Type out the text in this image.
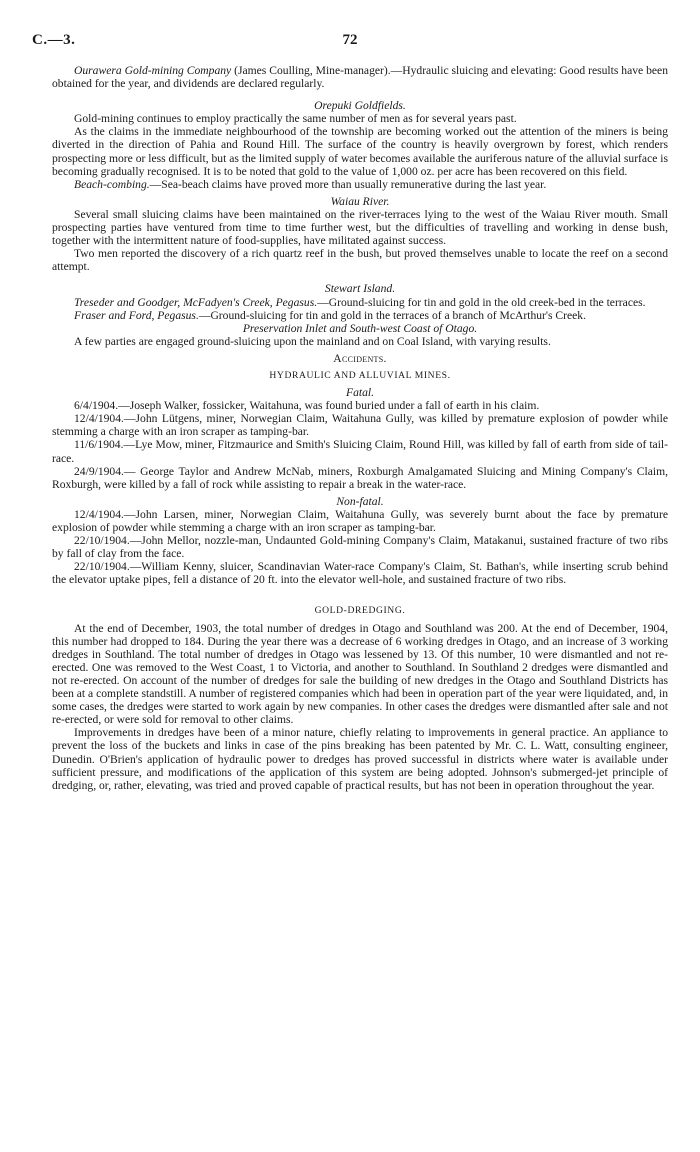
C.—3.	72

Ourawera Gold-mining Company (James Coulling, Mine-manager).—Hydraulic sluicing and elevating: Good results have been obtained for the year, and dividends are declared regularly.

Orepuki Goldfields.

Gold-mining continues to employ practically the same number of men as for several years past.

As the claims in the immediate neighbourhood of the township are becoming worked out the attention of the miners is being diverted in the direction of Pahia and Round Hill. The surface of the country is heavily overgrown by forest, which renders prospecting more or less difficult, but as the limited supply of water becomes available the auriferous nature of the alluvial surface is becoming gradually recognised. It is to be noted that gold to the value of 1,000 oz. per acre has been recovered on this field.

Beach-combing.—Sea-beach claims have proved more than usually remunerative during the last year.

Waiau River.

Several small sluicing claims have been maintained on the river-terraces lying to the west of the Waiau River mouth. Small prospecting parties have ventured from time to time further west, but the difficulties of travelling and working in dense bush, together with the intermittent nature of food-supplies, have militated against success.

Two men reported the discovery of a rich quartz reef in the bush, but proved themselves unable to locate the reef on a second attempt.

Stewart Island.

Treseder and Goodger, McFadyen's Creek, Pegasus.—Ground-sluicing for tin and gold in the old creek-bed in the terraces.

Fraser and Ford, Pegasus.—Ground-sluicing for tin and gold in the terraces of a branch of McArthur's Creek.

Preservation Inlet and South-west Coast of Otago.

A few parties are engaged ground-sluicing upon the mainland and on Coal Island, with varying results.

Accidents.
HYDRAULIC AND ALLUVIAL MINES.
Fatal.

6/4/1904.—Joseph Walker, fossicker, Waitahuna, was found buried under a fall of earth in his claim.

12/4/1904.—John Lütgens, miner, Norwegian Claim, Waitahuna Gully, was killed by premature explosion of powder while stemming a charge with an iron scraper as tamping-bar.

11/6/1904.—Lye Mow, miner, Fitzmaurice and Smith's Sluicing Claim, Round Hill, was killed by fall of earth from side of tail-race.

24/9/1904.— George Taylor and Andrew McNab, miners, Roxburgh Amalgamated Sluicing and Mining Company's Claim, Roxburgh, were killed by a fall of rock while assisting to repair a break in the water-race.

Non-fatal.

12/4/1904.—John Larsen, miner, Norwegian Claim, Waitahuna Gully, was severely burnt about the face by premature explosion of powder while stemming a charge with an iron scraper as tamping-bar.

22/10/1904.—John Mellor, nozzle-man, Undaunted Gold-mining Company's Claim, Matakanui, sustained fracture of two ribs by fall of clay from the face.

22/10/1904.—William Kenny, sluicer, Scandinavian Water-race Company's Claim, St. Bathan's, while inserting scrub behind the elevator uptake pipes, fell a distance of 20 ft. into the elevator well-hole, and sustained fracture of two ribs.

GOLD-DREDGING.

At the end of December, 1903, the total number of dredges in Otago and Southland was 200. At the end of December, 1904, this number had dropped to 184. During the year there was a decrease of 6 working dredges in Otago, and an increase of 3 working dredges in Southland. The total number of dredges in Otago was lessened by 13. Of this number, 10 were dismantled and not re-erected. One was removed to the West Coast, 1 to Victoria, and another to Southland. In Southland 2 dredges were dismantled and not re-erected. On account of the number of dredges for sale the building of new dredges in the Otago and Southland Districts has been at a complete standstill. A number of registered companies which had been in operation part of the year were liquidated, and, in some cases, the dredges were started to work again by new companies. In other cases the dredges were dismantled after sale and not re-erected, or were sold for removal to other claims.

Improvements in dredges have been of a minor nature, chiefly relating to improvements in general practice. An appliance to prevent the loss of the buckets and links in case of the pins breaking has been patented by Mr. C. L. Watt, consulting engineer, Dunedin. O'Brien's application of hydraulic power to dredges has proved successful in districts where water is available under sufficient pressure, and modifications of the application of this system are being adopted. Johnson's submerged-jet principle of dredging, or, rather, elevating, was tried and proved capable of practical results, but has not been in operation throughout the year.
